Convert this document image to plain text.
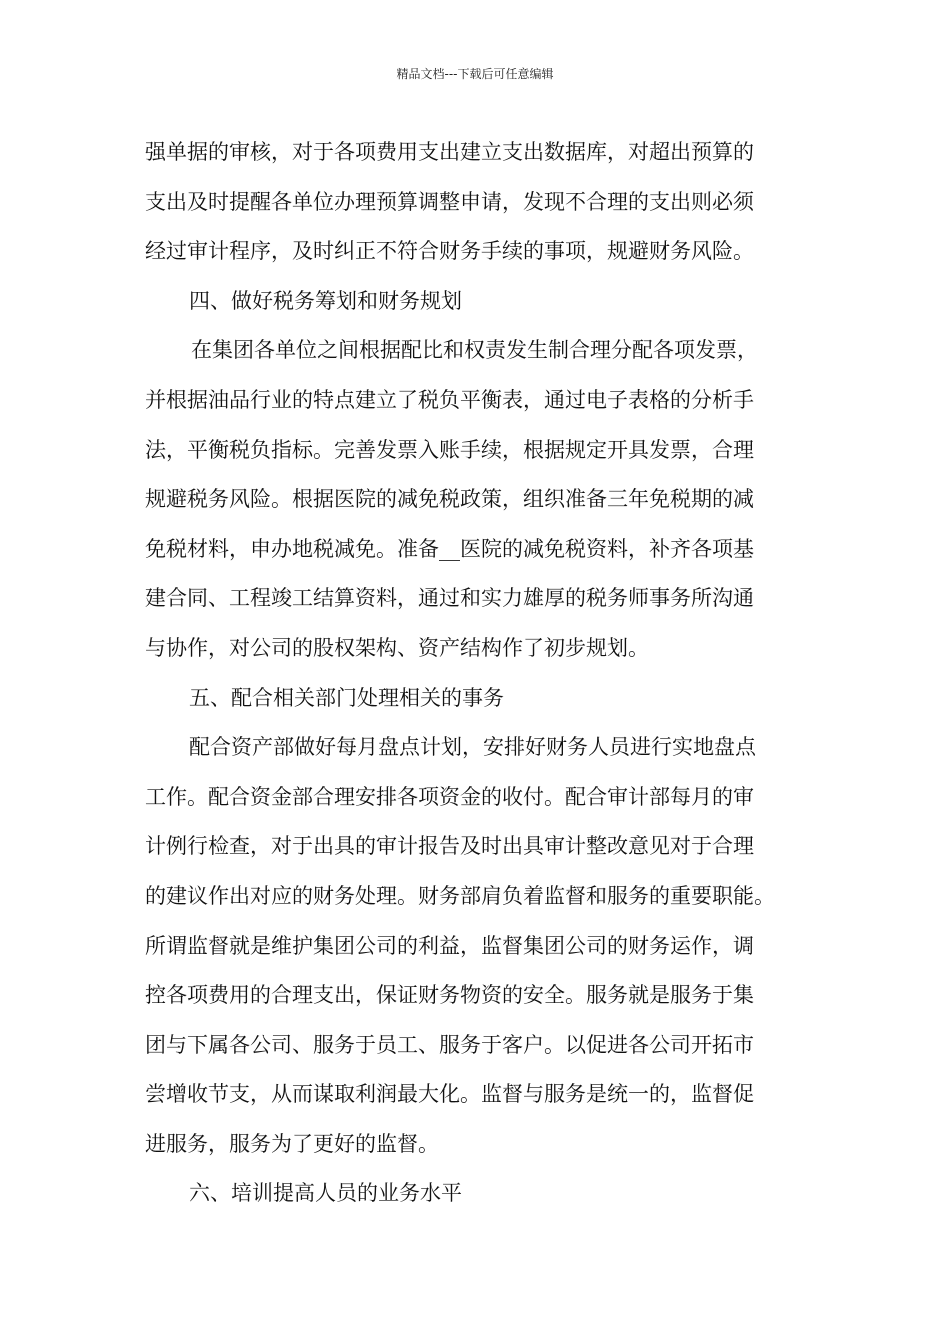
精品文档---下载后可任意编辑
强单据的审核，对于各项费用支出建立支出数据库，对超出预算的
支出及时提醒各单位办理预算调整申请，发现不合理的支出则必须
经过审计程序，及时纠正不符合财务手续的事项，规避财务风险。
四、做好税务筹划和财务规划
在集团各单位之间根据配比和权责发生制合理分配各项发票，
并根据油品行业的特点建立了税负平衡表，通过电子表格的分析手
法，平衡税负指标。完善发票入账手续，根据规定开具发票，合理
规避税务风险。根据医院的减免税政策，组织准备三年免税期的减
免税材料，申办地税减免。准备__医院的减免税资料，补齐各项基
建合同、工程竣工结算资料，通过和实力雄厚的税务师事务所沟通
与协作，对公司的股权架构、资产结构作了初步规划。
五、配合相关部门处理相关的事务
配合资产部做好每月盘点计划，安排好财务人员进行实地盘点
工作。配合资金部合理安排各项资金的收付。配合审计部每月的审
计例行检查，对于出具的审计报告及时出具审计整改意见对于合理
的建议作出对应的财务处理。财务部肩负着监督和服务的重要职能。
所谓监督就是维护集团公司的利益，监督集团公司的财务运作，调
控各项费用的合理支出，保证财务物资的安全。服务就是服务于集
团与下属各公司、服务于员工、服务于客户。以促进各公司开拓市
尝增收节支，从而谋取利润最大化。监督与服务是统一的，监督促
进服务，服务为了更好的监督。
六、培训提高人员的业务水平
